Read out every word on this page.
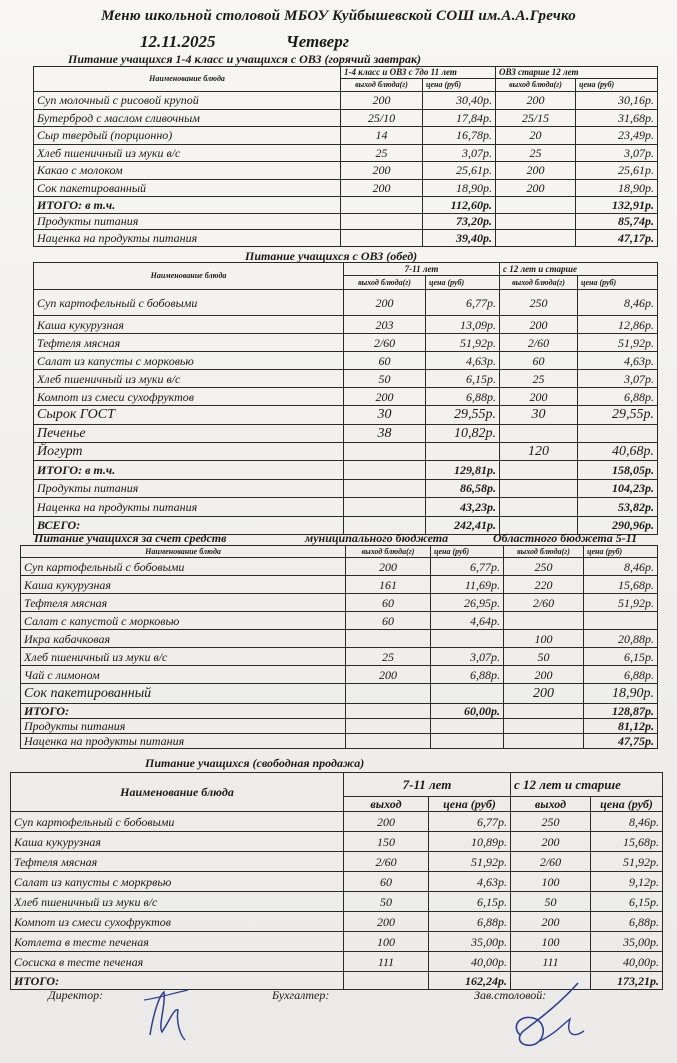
Меню школьной столовой МБОУ Куйбышевской СОШ им.А.А.Гречко
12.11.2025	Четверг
Питание учащихся 1-4 класс и учащихся с ОВЗ (горячий завтрак)
Наименование блюда	1-4 класс и ОВЗ с 7до 11 лет		ОВЗ старше 12 лет	
	выход блюда(г)	цена (руб)	выход блюда(г)	цена (руб)
Суп молочный с рисовой крупой	200	30,40р.	200	30,16р.
Бутерброд с маслом сливочным	25/10	17,84р.	25/15	31,68р.
Сыр твердый (порционно)	14	16,78р.	20	23,49р.
Хлеб пшеничный из муки в/с	25	3,07р.	25	3,07р.
Какао с молоком	200	25,61р.	200	25,61р.
Сок пакетированный	200	18,90р.	200	18,90р.
ИТОГО: в т.ч.		112,60р.		132,91р.
Продукты питания		73,20р.		85,74р.
Наценка на продукты питания		39,40р.		47,17р.
Питание учащихся с ОВЗ (обед)
Наименование блюда	7-11 лет		с 12 лет и старше	
	выход блюда(г)	цена (руб)	выход блюда(г)	цена (руб)
Суп картофельный с бобовыми	200	6,77р.	250	8,46р.
Каша кукурузная	203	13,09р.	200	12,86р.
Тефтеля мясная	2/60	51,92р.	2/60	51,92р.
Салат из капусты с морковью	60	4,63р.	60	4,63р.
Хлеб пшеничный из муки в/с	50	6,15р.	25	3,07р.
Компот из смеси сухофруктов	200	6,88р.	200	6,88р.
Сырок ГОСТ	30	29,55р.	30	29,55р.
Печенье	38	10,82р.		
Йогурт			120	40,68р.
ИТОГО: в т.ч.		129,81р.		158,05р.
Продукты питания		86,58р.		104,23р.
Наценка на продукты питания		43,23р.		53,82р.
ВСЕГО:		242,41р.		290,96р.
Питание учащихся за счет средств	муниципального бюджета	Областного бюджета 5-11
Наименование блюда	выход блюда(г)	цена (руб)	выход блюда(г)	цена (руб)
Суп картофельный с бобовыми	200	6,77р.	250	8,46р.
Каша кукурузная	161	11,69р.	220	15,68р.
Тефтеля мясная	60	26,95р.	2/60	51,92р.
Салат с капустой с морковью	60	4,64р.		
Икра кабачковая			100	20,88р.
Хлеб пшеничный из муки в/с	25	3,07р.	50	6,15р.
Чай с лимоном	200	6,88р.	200	6,88р.
Сок пакетированный			200	18,90р.
ИТОГО:		60,00р.		128,87р.
Продукты питания				81,12р.
Наценка на продукты питания				47,75р.
Питание учащихся (свободная продажа)
Наименование блюда	7-11 лет		с 12 лет и старше	
	выход	цена (руб)	выход	цена (руб)
Суп картофельный с бобовыми	200	6,77р.	250	8,46р.
Каша кукурузная	150	10,89р.	200	15,68р.
Тефтеля мясная	2/60	51,92р.	2/60	51,92р.
Салат из капусты с моркрвью	60	4,63р.	100	9,12р.
Хлеб пшеничный из муки в/с	50	6,15р.	50	6,15р.
Компот из смеси сухофруктов	200	6,88р.	200	6,88р.
Котлета в тесте печеная	100	35,00р.	100	35,00р.
Сосиска в тесте печеная	111	40,00р.	111	40,00р.
ИТОГО:		162,24р.		173,21р.
Директор:	Бухгалтер:	Зав.столовой:
